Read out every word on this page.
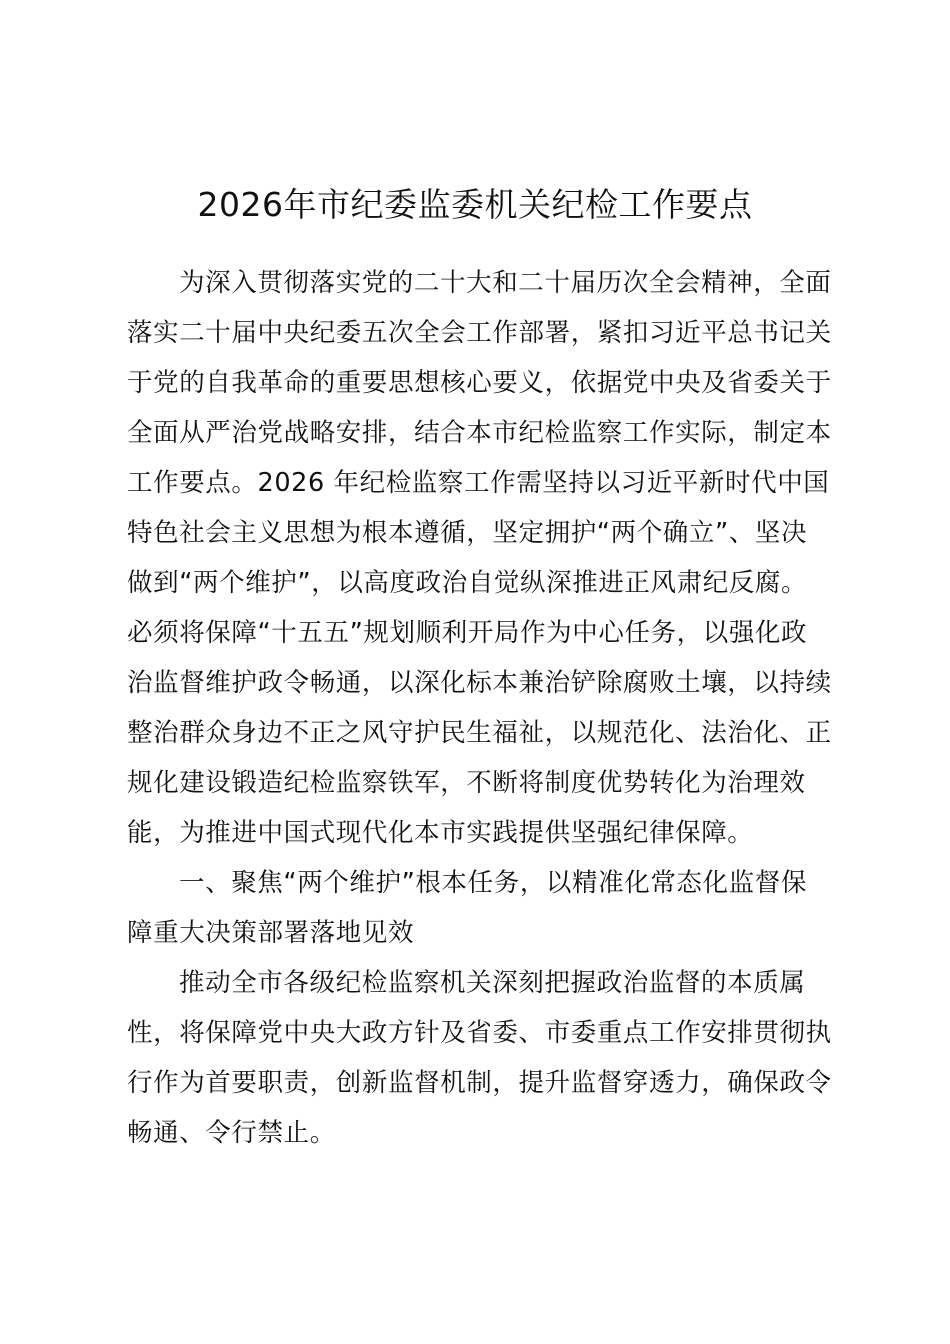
2026年市纪委监委机关纪检工作要点
为深入贯彻落实党的二十大和二十届历次全会精神，全面
落实二十届中央纪委五次全会工作部署，紧扣习近平总书记关
于党的自我革命的重要思想核心要义，依据党中央及省委关于
全面从严治党战略安排，结合本市纪检监察工作实际，制定本
工作要点。2026 年纪检监察工作需坚持以习近平新时代中国
特色社会主义思想为根本遵循，坚定拥护“两个确立”、坚决
做到“两个维护”，以高度政治自觉纵深推进正风肃纪反腐。
必须将保障“十五五”规划顺利开局作为中心任务，以强化政
治监督维护政令畅通，以深化标本兼治铲除腐败土壤，以持续
整治群众身边不正之风守护民生福祉，以规范化、法治化、正
规化建设锻造纪检监察铁军，不断将制度优势转化为治理效
能，为推进中国式现代化本市实践提供坚强纪律保障。
一、聚焦“两个维护”根本任务，以精准化常态化监督保
障重大决策部署落地见效
推动全市各级纪检监察机关深刻把握政治监督的本质属
性，将保障党中央大政方针及省委、市委重点工作安排贯彻执
行作为首要职责，创新监督机制，提升监督穿透力，确保政令
畅通、令行禁止。
